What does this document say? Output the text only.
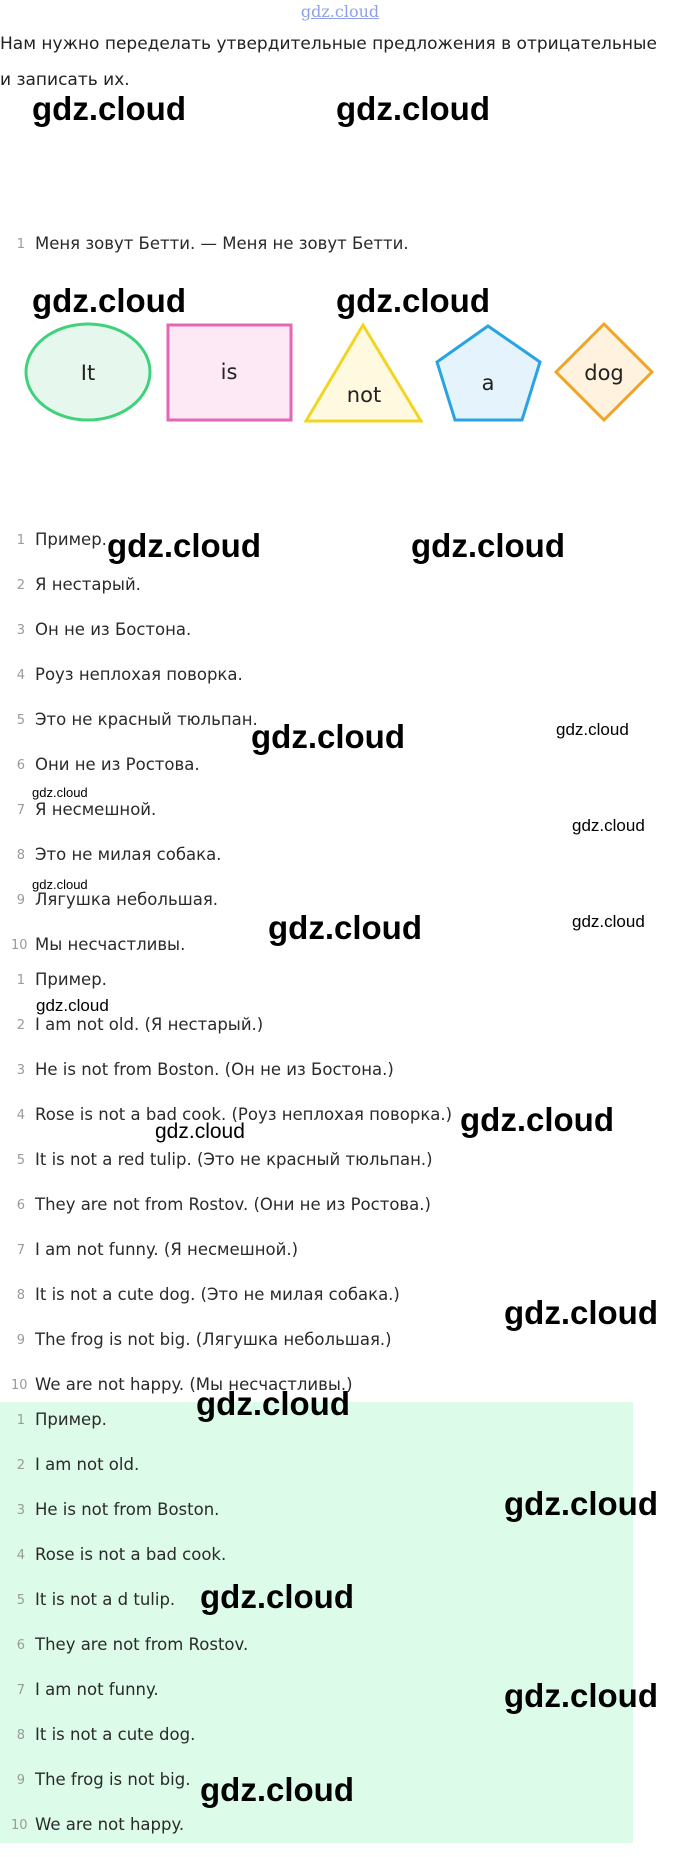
gdz.cloud
Нам нужно переделать утвердительные предложения в отрицательные и записать их.
1 Меня зовут Бетти. — Меня не зовут Бетти.
It	is
not	a	dog
1 Пример.
2 Я нестарый.
3 Он не из Бостона.
4 Роуз неплохая поворка.
5 Это не красный тюльпан.
6 Они не из Ростова.
7 Я несмешной.
8 Это не милая собака.
9 Лягушка небольшая.
10 Мы несчастливы.
1 Пример.
2 I am not old. (Я нестарый.)
3 He is not from Boston. (Он не из Бостона.)
4 Rose is not a bad cook. (Роуз неплохая поворка.)
5 It is not a red tulip. (Это не красный тюльпан.)
6 They are not from Rostov. (Они не из Ростова.)
7 I am not funny. (Я несмешной.)
8 It is not a cute dog. (Это не милая собака.)
9 The frog is not big. (Лягушка небольшая.)
10 We are not happy. (Мы несчастливы.)
1 Пример.
2 I am not old.
3 He is not from Boston.
4 Rose is not a bad cook.
5 It is not a d tulip.
6 They are not from Rostov.
7 I am not funny.
8 It is not a cute dog.
9 The frog is not big.
10 We are not happy.
gdz.cloud	gdz.cloud
gdz.cloud	gdz.cloud
gdz.cloud	gdz.cloud
gdz.cloud	gdz.cloud
gdz.cloud
gdz.cloud
gdz.cloud
gdz.cloud	gdz.cloud
gdz.cloud
gdz.cloud
gdz.cloud
gdz.cloud
gdz.cloud
gdz.cloud
gdz.cloud
gdz.cloud
gdz.cloud
